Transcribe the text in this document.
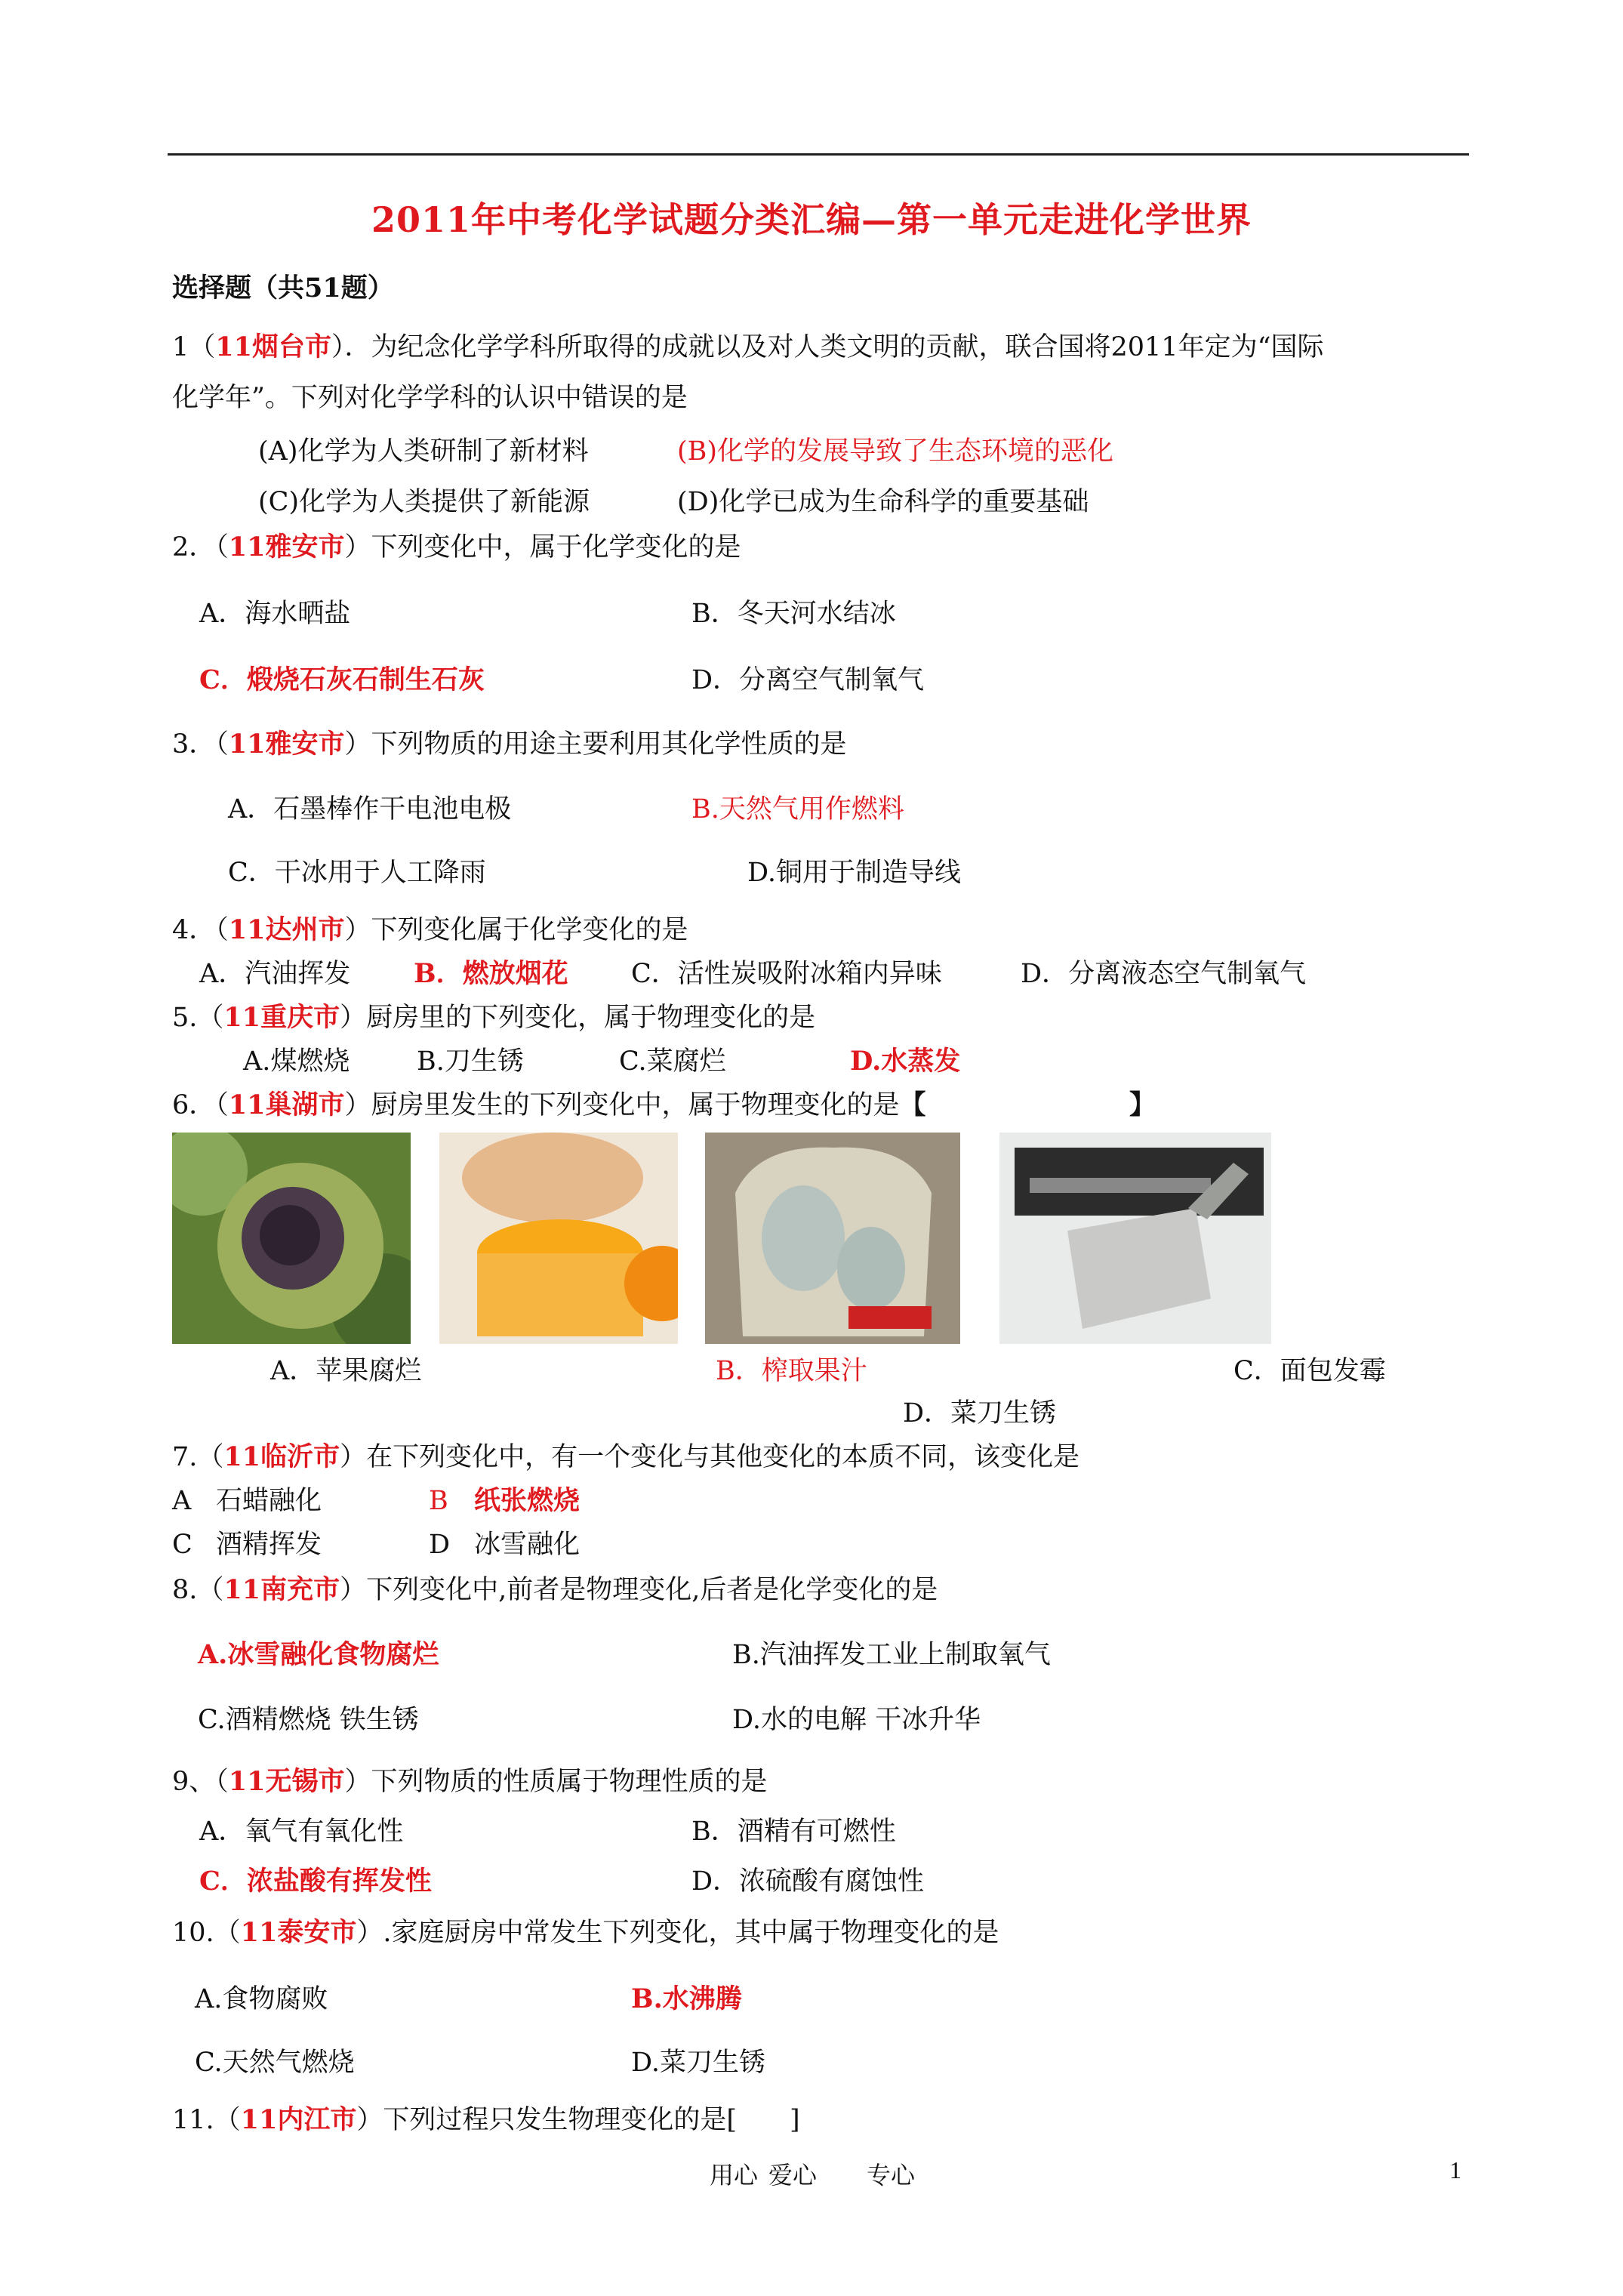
2011年中考化学试题分类汇编—第一单元走进化学世界
选择题（共51题）
1（11烟台市）．为纪念化学学科所取得的成就以及对人类文明的贡献，联合国将2011年定为“国际
化学年”。下列对化学学科的认识中错误的是
(A)化学为人类研制了新材料	(B)化学的发展导致了生态环境的恶化
(C)化学为人类提供了新能源	(D)化学已成为生命科学的重要基础
2．（11雅安市）下列变化中，属于化学变化的是
A．海水晒盐	B．冬天河水结冰
C．煅烧石灰石制生石灰	D．分离空气制氧气
3．（11雅安市）下列物质的用途主要利用其化学性质的是
A．石墨棒作干电池电极	B.天然气用作燃料
C．干冰用于人工降雨	D.铜用于制造导线
4．（11达州市）下列变化属于化学变化的是
A．汽油挥发 B．燃放烟花 C．活性炭吸附冰箱内异味	D．分离液态空气制氧气
5.（11重庆市）厨房里的下列变化，属于物理变化的是
A.煤燃烧	B.刀生锈	C.菜腐烂	D.水蒸发
6．（11巢湖市）厨房里发生的下列变化中，属于物理变化的是【	】
A．苹果腐烂	B．榨取果汁	C．面包发霉
D．菜刀生锈
7.（11临沂市）在下列变化中，有一个变化与其他变化的本质不同，该变化是
A 石蜡融化	B 纸张燃烧
C 酒精挥发	D 冰雪融化
8.（11南充市）下列变化中,前者是物理变化,后者是化学变化的是
A.冰雪融化食物腐烂	B.汽油挥发工业上制取氧气
C.酒精燃烧 铁生锈	D.水的电解 干冰升华
9、（11无锡市）下列物质的性质属于物理性质的是
A．氧气有氧化性	B．酒精有可燃性
C．浓盐酸有挥发性	D．浓硫酸有腐蚀性
10.（11泰安市）.家庭厨房中常发生下列变化，其中属于物理变化的是
A.食物腐败	B.水沸腾
C.天然气燃烧	D.菜刀生锈
11.（11内江市）下列过程只发生物理变化的是[　　]
用心 爱心 专心	1
